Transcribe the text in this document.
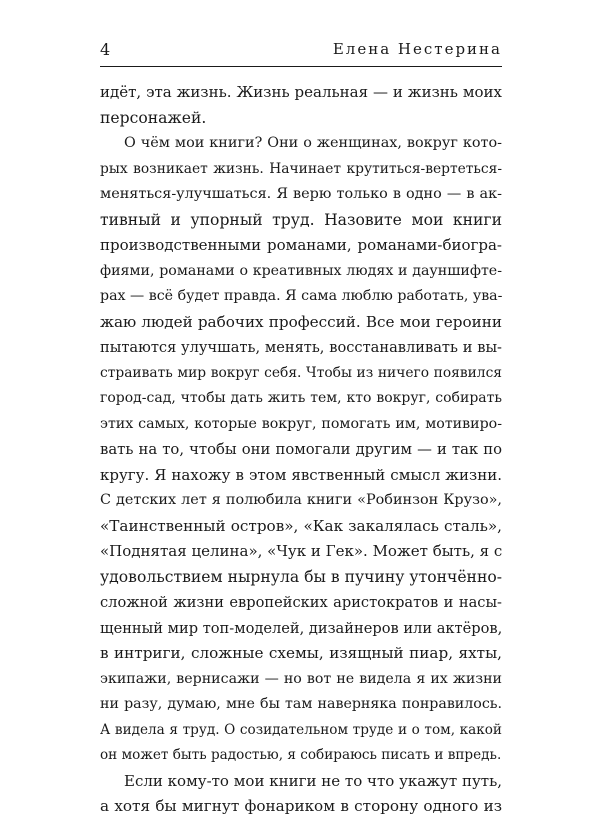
4	Елена Нестерина
идёт, эта жизнь. Жизнь реальная — и жизнь моих
персонажей.
О чём мои книги? Они о женщинах, вокруг кото-
рых возникает жизнь. Начинает крутиться-вертеться-
меняться-улучшаться. Я верю только в одно — в ак-
тивный и упорный труд. Назовите мои книги
производственными романами, романами-биогра-
фиями, романами о креативных людях и дауншифте-
рах — всё будет правда. Я сама люблю работать, ува-
жаю людей рабочих профессий. Все мои героини
пытаются улучшать, менять, восстанавливать и вы-
страивать мир вокруг себя. Чтобы из ничего появился
город-сад, чтобы дать жить тем, кто вокруг, собирать
этих самых, которые вокруг, помогать им, мотивиро-
вать на то, чтобы они помогали другим — и так по
кругу. Я нахожу в этом явственный смысл жизни.
С детских лет я полюбила книги «Робинзон Крузо»,
«Таинственный остров», «Как закалялась сталь»,
«Поднятая целина», «Чук и Гек». Может быть, я с
удовольствием нырнула бы в пучину утончённо-
сложной жизни европейских аристократов и насы-
щенный мир топ-моделей, дизайнеров или актёров,
в интриги, сложные схемы, изящный пиар, яхты,
экипажи, вернисажи — но вот не видела я их жизни
ни разу, думаю, мне бы там наверняка понравилось.
А видела я труд. О созидательном труде и о том, какой
он может быть радостью, я собираюсь писать и впредь.
Если кому-то мои книги не то что укажут путь,
а хотя бы мигнут фонариком в сторону одного из
